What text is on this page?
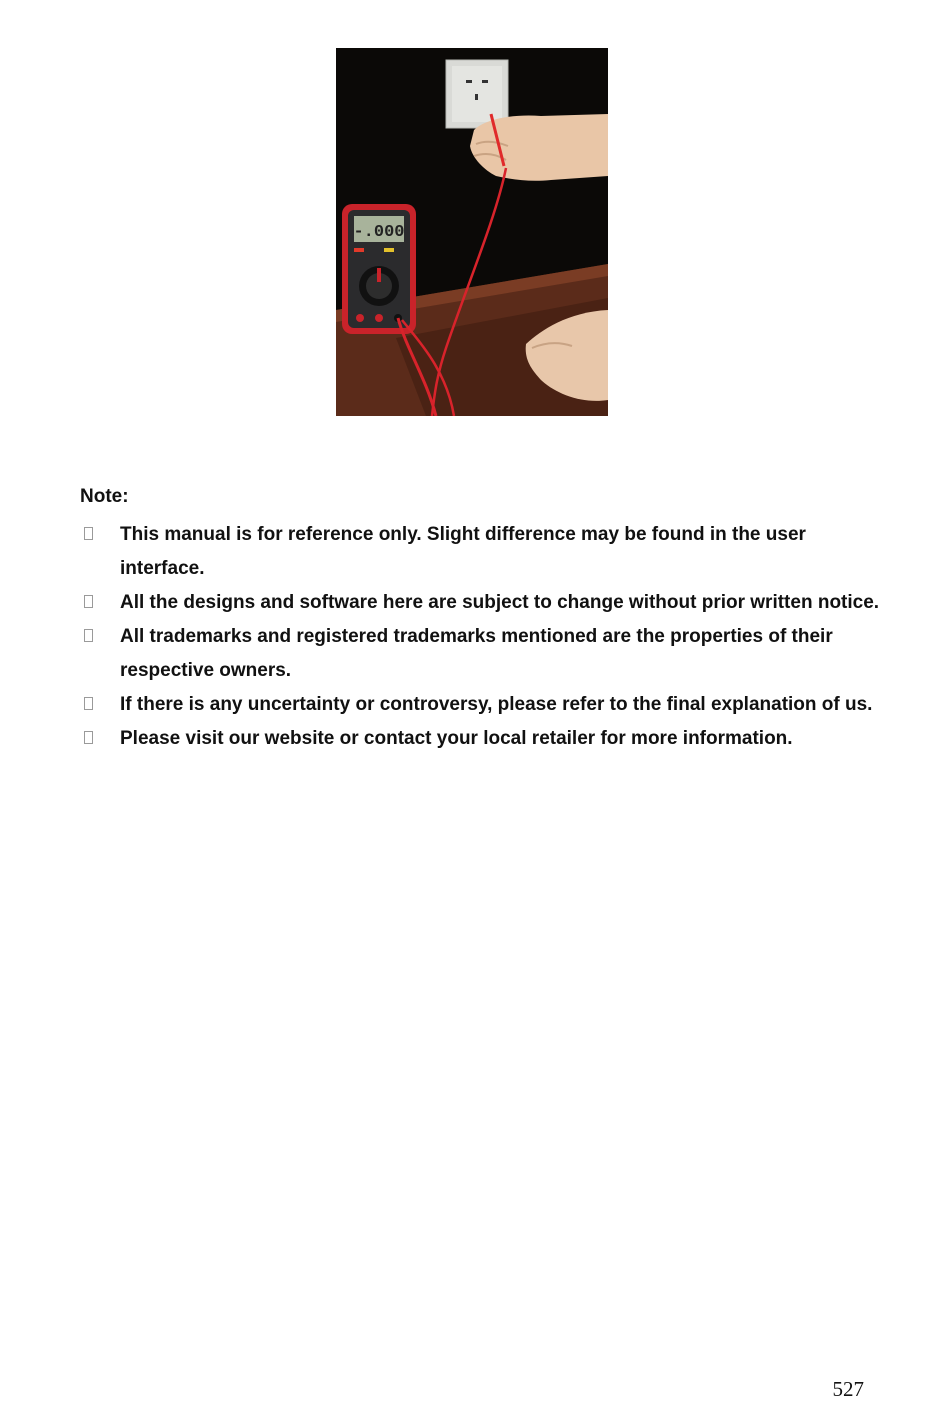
-.000
Note:
This manual is for reference only. Slight difference may be found in the user interface.
All the designs and software here are subject to change without prior written notice.
All trademarks and registered trademarks mentioned are the properties of their respective owners.
If there is any uncertainty or controversy, please refer to the final explanation of us.
Please visit our website or contact your local retailer for more information.
527
